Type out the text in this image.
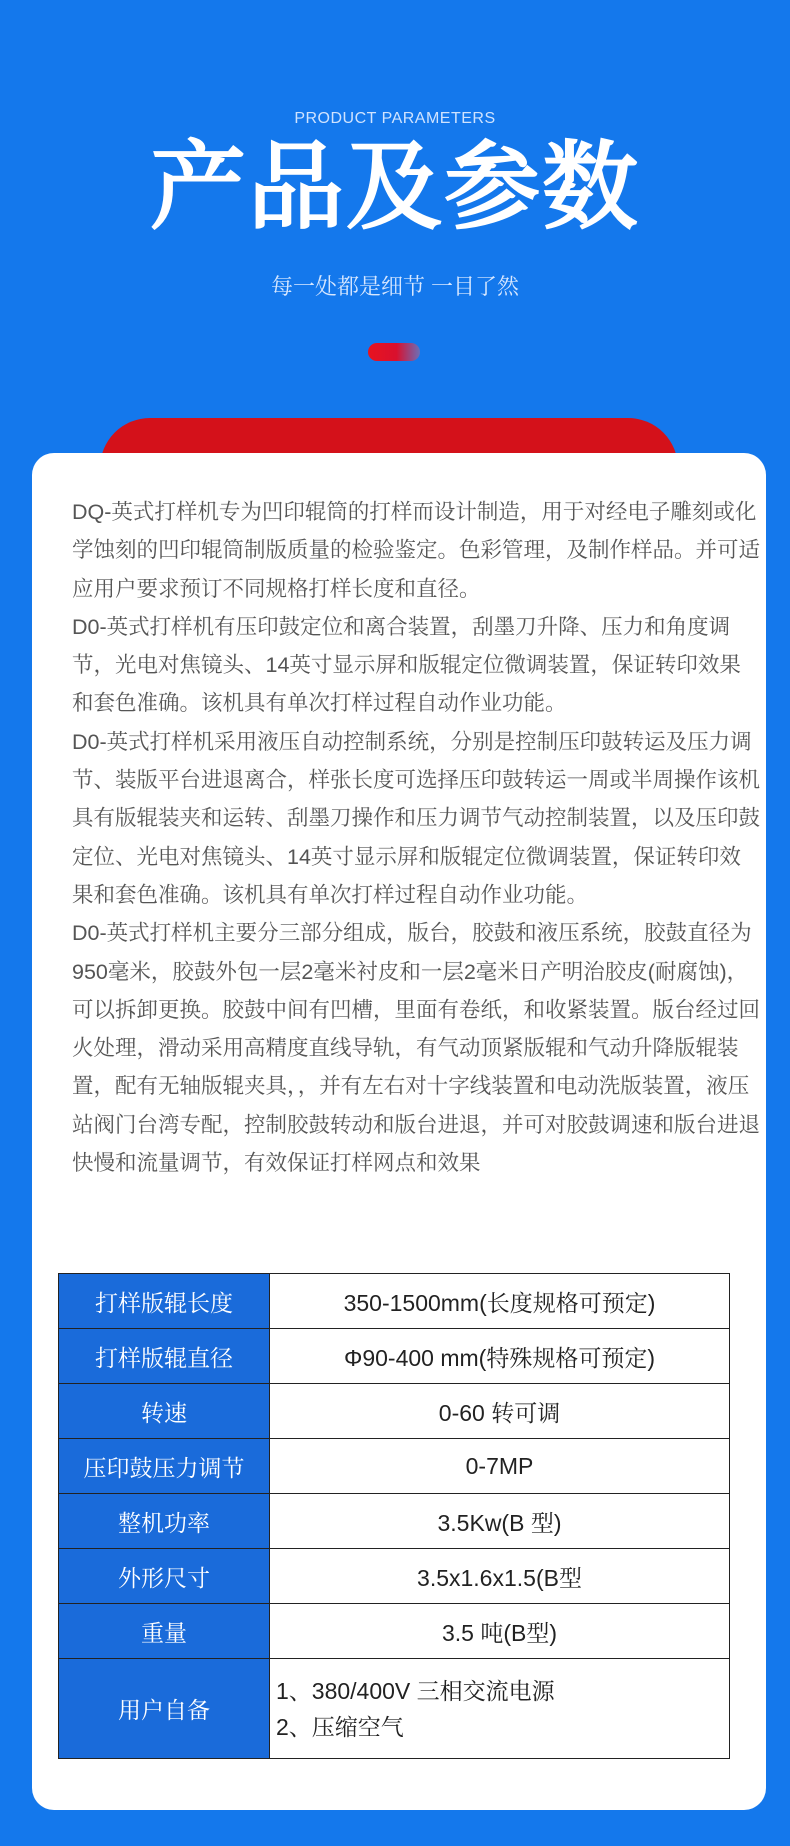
PRODUCT PARAMETERS
产品及参数
每一处都是细节 一目了然

DQ-英式打样机专为凹印辊筒的打样而设计制造，用于对经电子雕刻或化学蚀刻的凹印辊筒制版质量的检验鉴定。色彩管理，及制作样品。并可适应用户要求预订不同规格打样长度和直径。

D0-英式打样机有压印鼓定位和离合装置，刮墨刀升降、压力和角度调节，光电对焦镜头、14英寸显示屏和版辊定位微调装置，保证转印效果和套色准确。该机具有单次打样过程自动作业功能。

D0-英式打样机采用液压自动控制系统，分别是控制压印鼓转运及压力调节、装版平台进退离合，样张长度可选择压印鼓转运一周或半周操作该机具有版辊装夹和运转、刮墨刀操作和压力调节气动控制装置，以及压印鼓定位、光电对焦镜头、14英寸显示屏和版辊定位微调装置，保证转印效果和套色准确。该机具有单次打样过程自动作业功能。

D0-英式打样机主要分三部分组成，版台，胶鼓和液压系统，胶鼓直径为950毫米，胶鼓外包一层2毫米衬皮和一层2毫米日产明治胶皮(耐腐蚀)，可以拆卸更换。胶鼓中间有凹槽，里面有卷纸，和收紧装置。版台经过回火处理，滑动采用高精度直线导轨，有气动顶紧版辊和气动升降版辊装置，配有无轴版辊夹具，，并有左右对十字线装置和电动洗版装置，液压站阀门台湾专配，控制胶鼓转动和版台进退，并可对胶鼓调速和版台进退快慢和流量调节，有效保证打样网点和效果

打样版辊长度	350-1500mm(长度规格可预定)
打样版辊直径	Φ90-400 mm(特殊规格可预定)
转速	0-60 转可调
压印鼓压力调节	0-7MP
整机功率	3.5Kw(B 型)
外形尺寸	3.5x1.6x1.5(B型
重量	3.5 吨(B型)
用户自备	1、380/400V 三相交流电源
2、压缩空气
